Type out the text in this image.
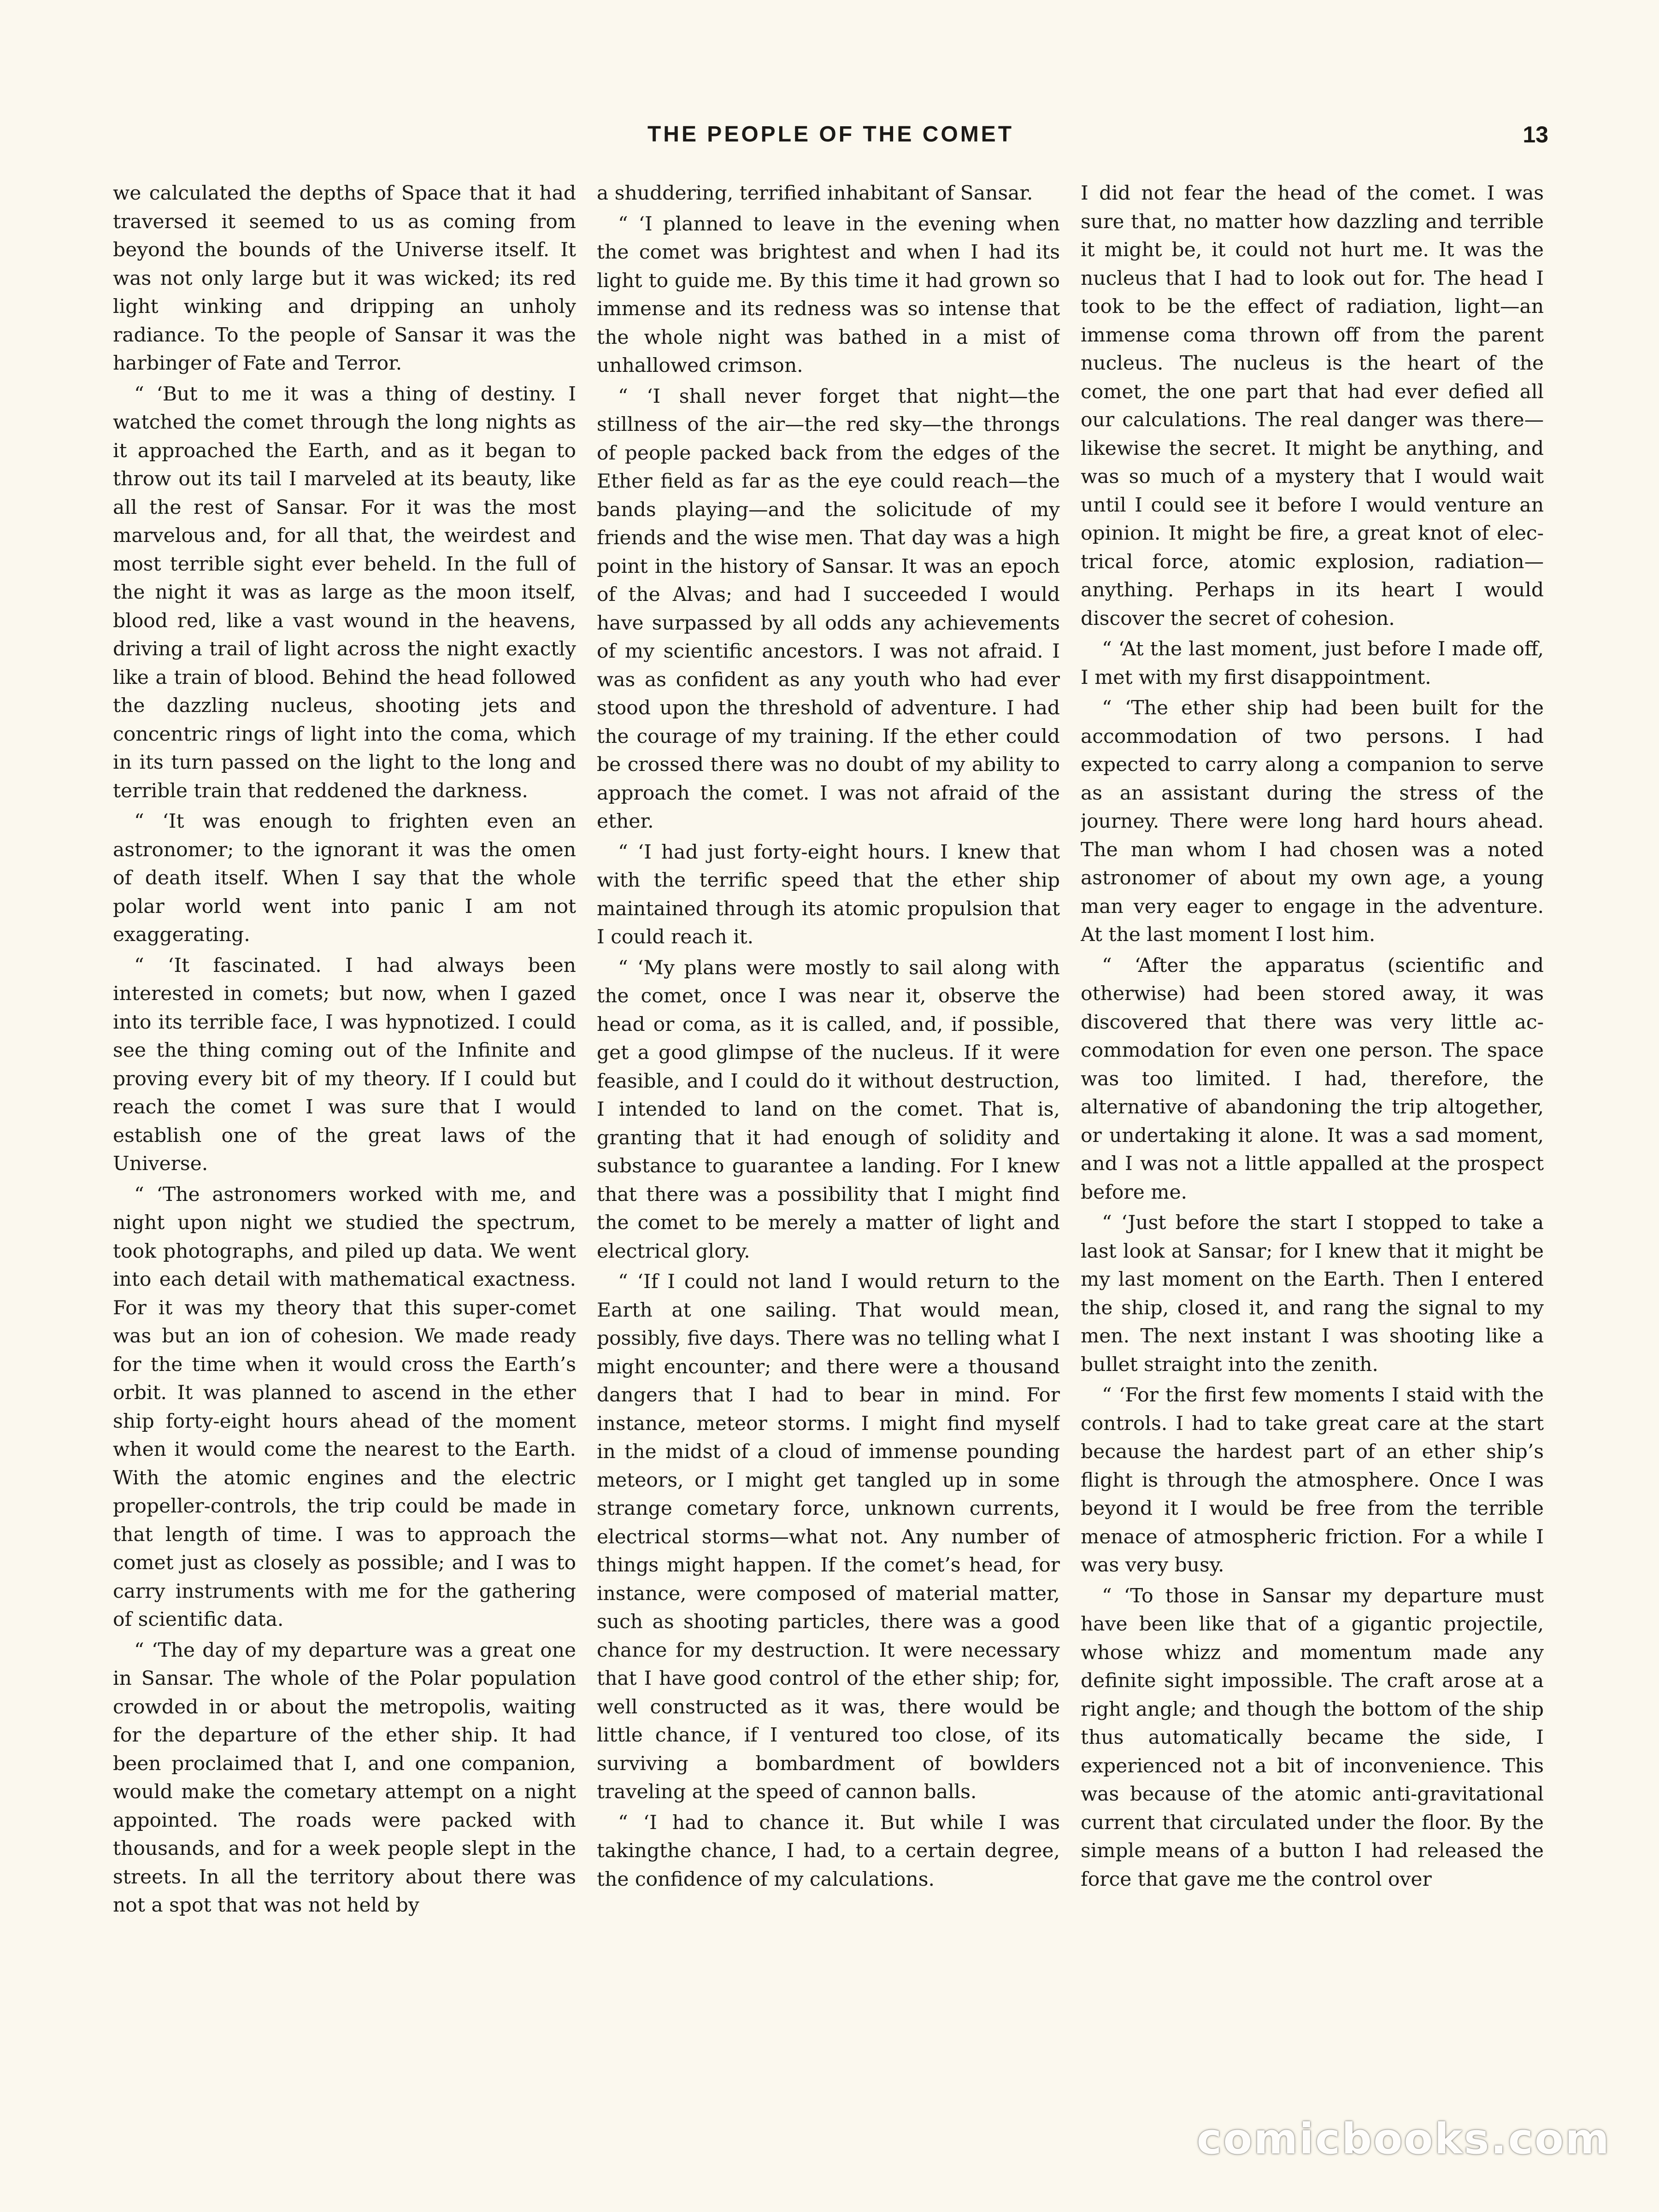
THE PEOPLE OF THE COMET	13

we calculated the depths of Space that it had traversed it seemed to us as coming from beyond the bounds of the Universe itself. It was not only large but it was wicked; its red light winking and dripping an unholy radiance. To the people of Sansar it was the harbinger of Fate and Terror.

“ ‘But to me it was a thing of destiny. I watched the comet through the long nights as it approached the Earth, and as it began to throw out its tail I marveled at its beauty, like all the rest of Sansar. For it was the most marvelous and, for all that, the weirdest and most terrible sight ever beheld. In the full of the night it was as large as the moon itself, blood red, like a vast wound in the heavens, driving a trail of light across the night exactly like a train of blood. Behind the head followed the dazzling nucleus, shooting jets and concentric rings of light into the coma, which in its turn passed on the light to the long and terrible train that reddened the darkness.

“ ‘It was enough to frighten even an astronomer; to the ignorant it was the omen of death itself. When I say that the whole polar world went into panic I am not exaggerating.

“ ‘It fascinated. I had always been interested in comets; but now, when I gazed into its terrible face, I was hypnotized. I could see the thing coming out of the Infinite and proving every bit of my theory. If I could but reach the comet I was sure that I would establish one of the great laws of the Universe.

“ ‘The astronomers worked with me, and night upon night we studied the spectrum, took photographs, and piled up data. We went into each detail with mathematical exactness. For it was my theory that this super-comet was but an ion of cohesion. We made ready for the time when it would cross the Earth’s orbit. It was planned to ascend in the ether ship forty-eight hours ahead of the moment when it would come the nearest to the Earth. With the atomic engines and the electric propeller-controls, the trip could be made in that length of time. I was to approach the comet just as closely as possible; and I was to carry instruments with me for the gathering of scientific data.

“ ‘The day of my departure was a great one in Sansar. The whole of the Polar population crowded in or about the metropolis, waiting for the departure of the ether ship. It had been proclaimed that I, and one companion, would make the cometary attempt on a night appointed. The roads were packed with thousands, and for a week people slept in the streets. In all the territory about there was not a spot that was not held by

a shuddering, terrified inhabitant of Sansar.

“ ‘I planned to leave in the evening when the comet was brightest and when I had its light to guide me. By this time it had grown so immense and its redness was so intense that the whole night was bathed in a mist of unhallowed crimson.

“ ‘I shall never forget that night—the stillness of the air—the red sky—the throngs of people packed back from the edges of the Ether field as far as the eye could reach—the bands playing—and the solicitude of my friends and the wise men. That day was a high point in the history of Sansar. It was an epoch of the Alvas; and had I succeeded I would have surpassed by all odds any achievements of my scientific ancestors. I was not afraid. I was as confident as any youth who had ever stood upon the threshold of adventure. I had the courage of my training. If the ether could be crossed there was no doubt of my ability to approach the comet. I was not afraid of the ether.

“ ‘I had just forty-eight hours. I knew that with the terrific speed that the ether ship maintained through its atomic propulsion that I could reach it.

“ ‘My plans were mostly to sail along with the comet, once I was near it, observe the head or coma, as it is called, and, if possible, get a good glimpse of the nucleus. If it were feasible, and I could do it without destruction, I intended to land on the comet. That is, granting that it had enough of solidity and substance to guarantee a landing. For I knew that there was a possibility that I might find the comet to be merely a matter of light and electrical glory.

“ ‘If I could not land I would return to the Earth at one sailing. That would mean, possibly, five days. There was no telling what I might encounter; and there were a thousand dangers that I had to bear in mind. For instance, meteor storms. I might find myself in the midst of a cloud of immense pounding meteors, or I might get tangled up in some strange cometary force, unknown currents, electrical storms—what not. Any number of things might happen. If the comet’s head, for instance, were composed of material matter, such as shooting particles, there was a good chance for my destruction. It were necessary that I have good control of the ether ship; for, well constructed as it was, there would be little chance, if I ventured too close, of its surviving a bombardment of bowlders traveling at the speed of cannon balls.

“ ‘I had to chance it. But while I was takingthe chance, I had, to a certain degree, the confidence of my calculations.

I did not fear the head of the comet. I was sure that, no matter how dazzling and terrible it might be, it could not hurt me. It was the nucleus that I had to look out for. The head I took to be the effect of radiation, light—an immense coma thrown off from the parent nucleus. The nucleus is the heart of the comet, the one part that had ever defied all our calculations. The real danger was there—likewise the secret. It might be anything, and was so much of a mystery that I would wait until I could see it before I would venture an opinion. It might be fire, a great knot of electrical force, atomic explosion, radiation—anything. Perhaps in its heart I would discover the secret of cohesion.

“ ‘At the last moment, just before I made off, I met with my first disappointment.

“ ‘The ether ship had been built for the accommodation of two persons. I had expected to carry along a companion to serve as an assistant during the stress of the journey. There were long hard hours ahead. The man whom I had chosen was a noted astronomer of about my own age, a young man very eager to engage in the adventure. At the last moment I lost him.

“ ‘After the apparatus (scientific and otherwise) had been stored away, it was discovered that there was very little accommodation for even one person. The space was too limited. I had, therefore, the alternative of abandoning the trip altogether, or undertaking it alone. It was a sad moment, and I was not a little appalled at the prospect before me.

“ ‘Just before the start I stopped to take a last look at Sansar; for I knew that it might be my last moment on the Earth. Then I entered the ship, closed it, and rang the signal to my men. The next instant I was shooting like a bullet straight into the zenith.

“ ‘For the first few moments I staid with the controls. I had to take great care at the start because the hardest part of an ether ship’s flight is through the atmosphere. Once I was beyond it I would be free from the terrible menace of atmospheric friction. For a while I was very busy.

“ ‘To those in Sansar my departure must have been like that of a gigantic projectile, whose whizz and momentum made any definite sight impossible. The craft arose at a right angle; and though the bottom of the ship thus automatically became the side, I experienced not a bit of inconvenience. This was because of the atomic anti-gravitational current that circulated under the floor. By the simple means of a button I had released the force that gave me the control over

comicbooks.com
